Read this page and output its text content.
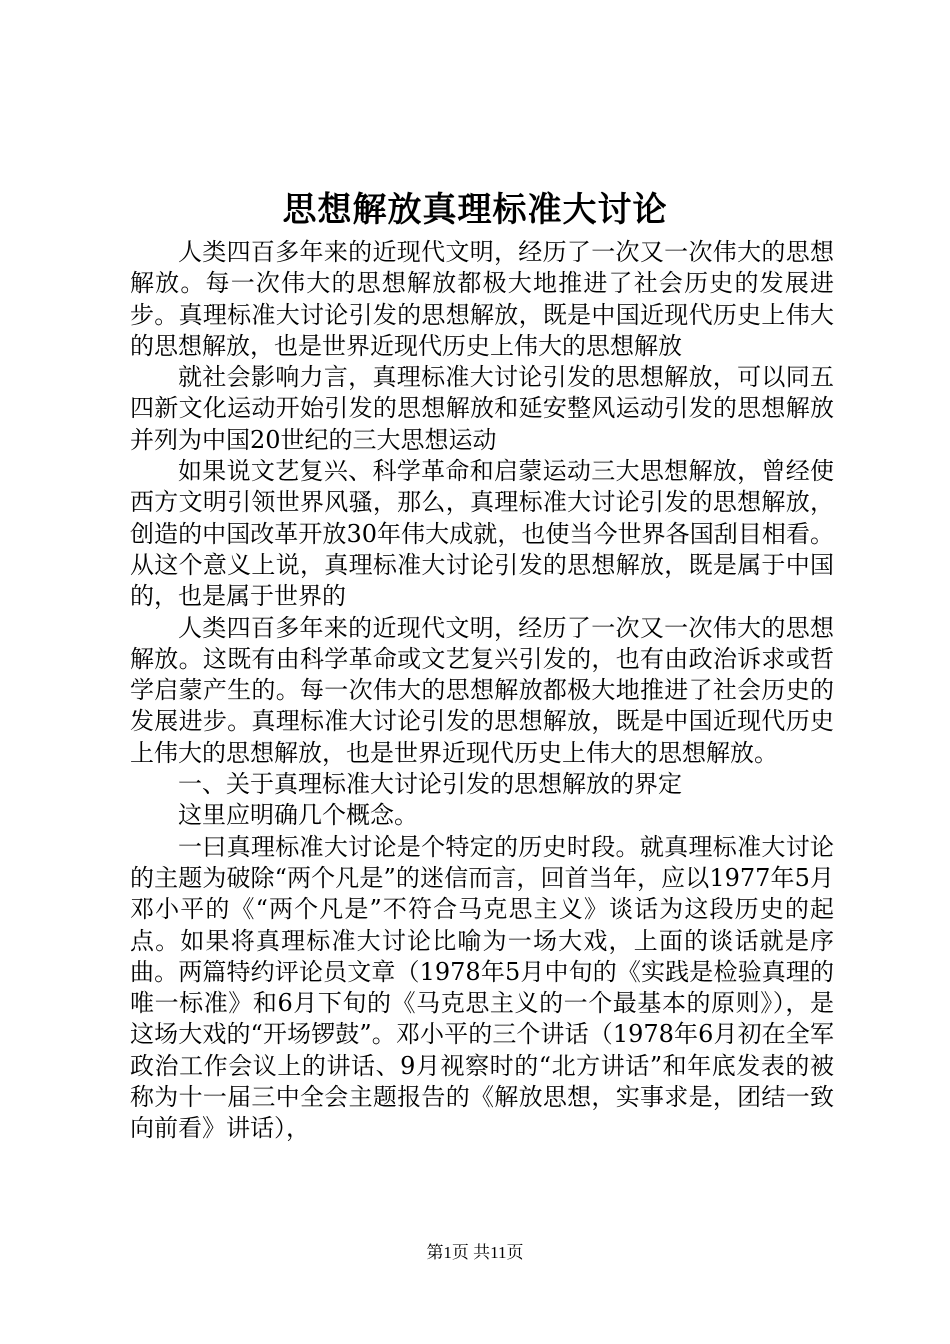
思想解放真理标准大讨论

人类四百多年来的近现代文明，经历了一次又一次伟大的思想解放。每一次伟大的思想解放都极大地推进了社会历史的发展进步。真理标准大讨论引发的思想解放，既是中国近现代历史上伟大的思想解放，也是世界近现代历史上伟大的思想解放

就社会影响力言，真理标准大讨论引发的思想解放，可以同五四新文化运动开始引发的思想解放和延安整风运动引发的思想解放并列为中国20世纪的三大思想运动

如果说文艺复兴、科学革命和启蒙运动三大思想解放，曾经使西方文明引领世界风骚，那么，真理标准大讨论引发的思想解放，创造的中国改革开放30年伟大成就，也使当今世界各国刮目相看。从这个意义上说，真理标准大讨论引发的思想解放，既是属于中国的，也是属于世界的

人类四百多年来的近现代文明，经历了一次又一次伟大的思想解放。这既有由科学革命或文艺复兴引发的，也有由政治诉求或哲学启蒙产生的。每一次伟大的思想解放都极大地推进了社会历史的发展进步。真理标准大讨论引发的思想解放，既是中国近现代历史上伟大的思想解放，也是世界近现代历史上伟大的思想解放。

一、关于真理标准大讨论引发的思想解放的界定

这里应明确几个概念。

一曰真理标准大讨论是个特定的历史时段。就真理标准大讨论的主题为破除“两个凡是”的迷信而言，回首当年，应以1977年5月邓小平的《“两个凡是”不符合马克思主义》谈话为这段历史的起点。如果将真理标准大讨论比喻为一场大戏，上面的谈话就是序曲。两篇特约评论员文章（1978年5月中旬的《实践是检验真理的唯一标准》和6月下旬的《马克思主义的一个最基本的原则》），是这场大戏的“开场锣鼓”。邓小平的三个讲话（1978年6月初在全军政治工作会议上的讲话、9月视察时的“北方讲话”和年底发表的被称为十一届三中全会主题报告的《解放思想，实事求是，团结一致向前看》讲话），

第1页 共11页
